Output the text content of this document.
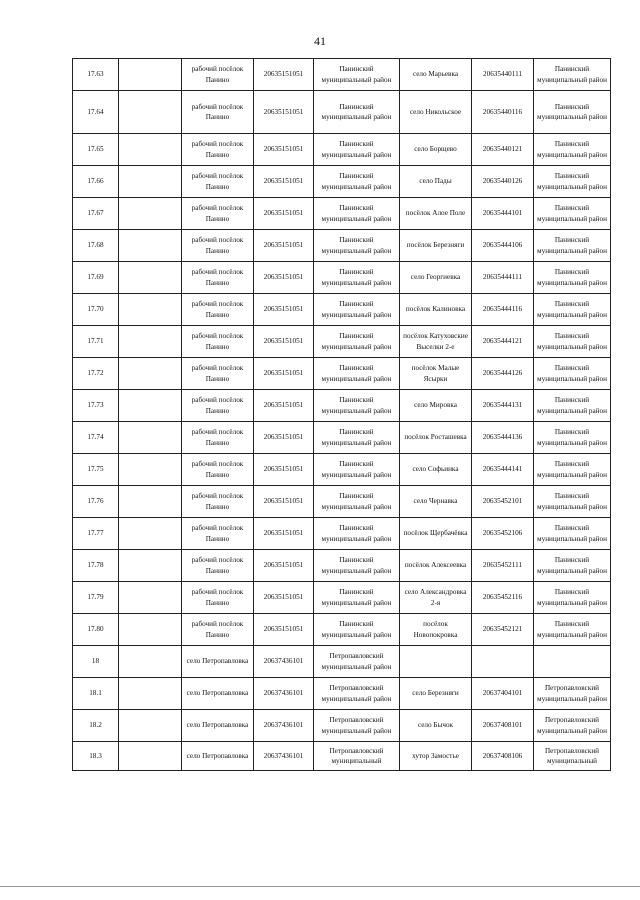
41
17.63		рабочий посёлок Панино	20635151051	Панинский муниципальный район	село Марьевка	20635440111	Панинский муниципальный район
17.64		рабочий посёлок Панино	20635151051	Панинский муниципальный район	село Никольское	20635440116	Панинский муниципальный район
17.65		рабочий посёлок Панино	20635151051	Панинский муниципальный район	село Борщево	20635440121	Панинский муниципальный район
17.66		рабочий посёлок Панино	20635151051	Панинский муниципальный район	село Пады	20635440126	Панинский муниципальный район
17.67		рабочий посёлок Панино	20635151051	Панинский муниципальный район	посёлок Алое Поле	20635444101	Панинский муниципальный район
17.68		рабочий посёлок Панино	20635151051	Панинский муниципальный район	посёлок Березняги	20635444106	Панинский муниципальный район
17.69		рабочий посёлок Панино	20635151051	Панинский муниципальный район	село Георгиевка	20635444111	Панинский муниципальный район
17.70		рабочий посёлок Панино	20635151051	Панинский муниципальный район	посёлок Калиновка	20635444116	Панинский муниципальный район
17.71		рабочий посёлок Панино	20635151051	Панинский муниципальный район	посёлок Катуховские Выселки 2-е	20635444121	Панинский муниципальный район
17.72		рабочий посёлок Панино	20635151051	Панинский муниципальный район	посёлок Малые Ясырки	20635444126	Панинский муниципальный район
17.73		рабочий посёлок Панино	20635151051	Панинский муниципальный район	село Мировка	20635444131	Панинский муниципальный район
17.74		рабочий посёлок Панино	20635151051	Панинский муниципальный район	посёлок Росташевка	20635444136	Панинский муниципальный район
17.75		рабочий посёлок Панино	20635151051	Панинский муниципальный район	село Софьинка	20635444141	Панинский муниципальный район
17.76		рабочий посёлок Панино	20635151051	Панинский муниципальный район	село Чернавка	20635452101	Панинский муниципальный район
17.77		рабочий посёлок Панино	20635151051	Панинский муниципальный район	посёлок Щербачёвка	20635452106	Панинский муниципальный район
17.78		рабочий посёлок Панино	20635151051	Панинский муниципальный район	посёлок Алексеевка	20635452111	Панинский муниципальный район
17.79		рабочий посёлок Панино	20635151051	Панинский муниципальный район	село Александровка 2-я	20635452116	Панинский муниципальный район
17.80		рабочий посёлок Панино	20635151051	Панинский муниципальный район	посёлок Новопокровка	20635452121	Панинский муниципальный район
18		село Петропавловка	20637436101	Петропавловский муниципальный район			
18.1		село Петропавловка	20637436101	Петропавловский муниципальный район	село Березняги	20637404101	Петропавловский муниципальный район
18.2		село Петропавловка	20637436101	Петропавловский муниципальный район	село Бычок	20637408101	Петропавловский муниципальный район
18.3		село Петропавловка	20637436101	Петропавловский муниципальный	хутор Замостье	20637408106	Петропавловский муниципальный
